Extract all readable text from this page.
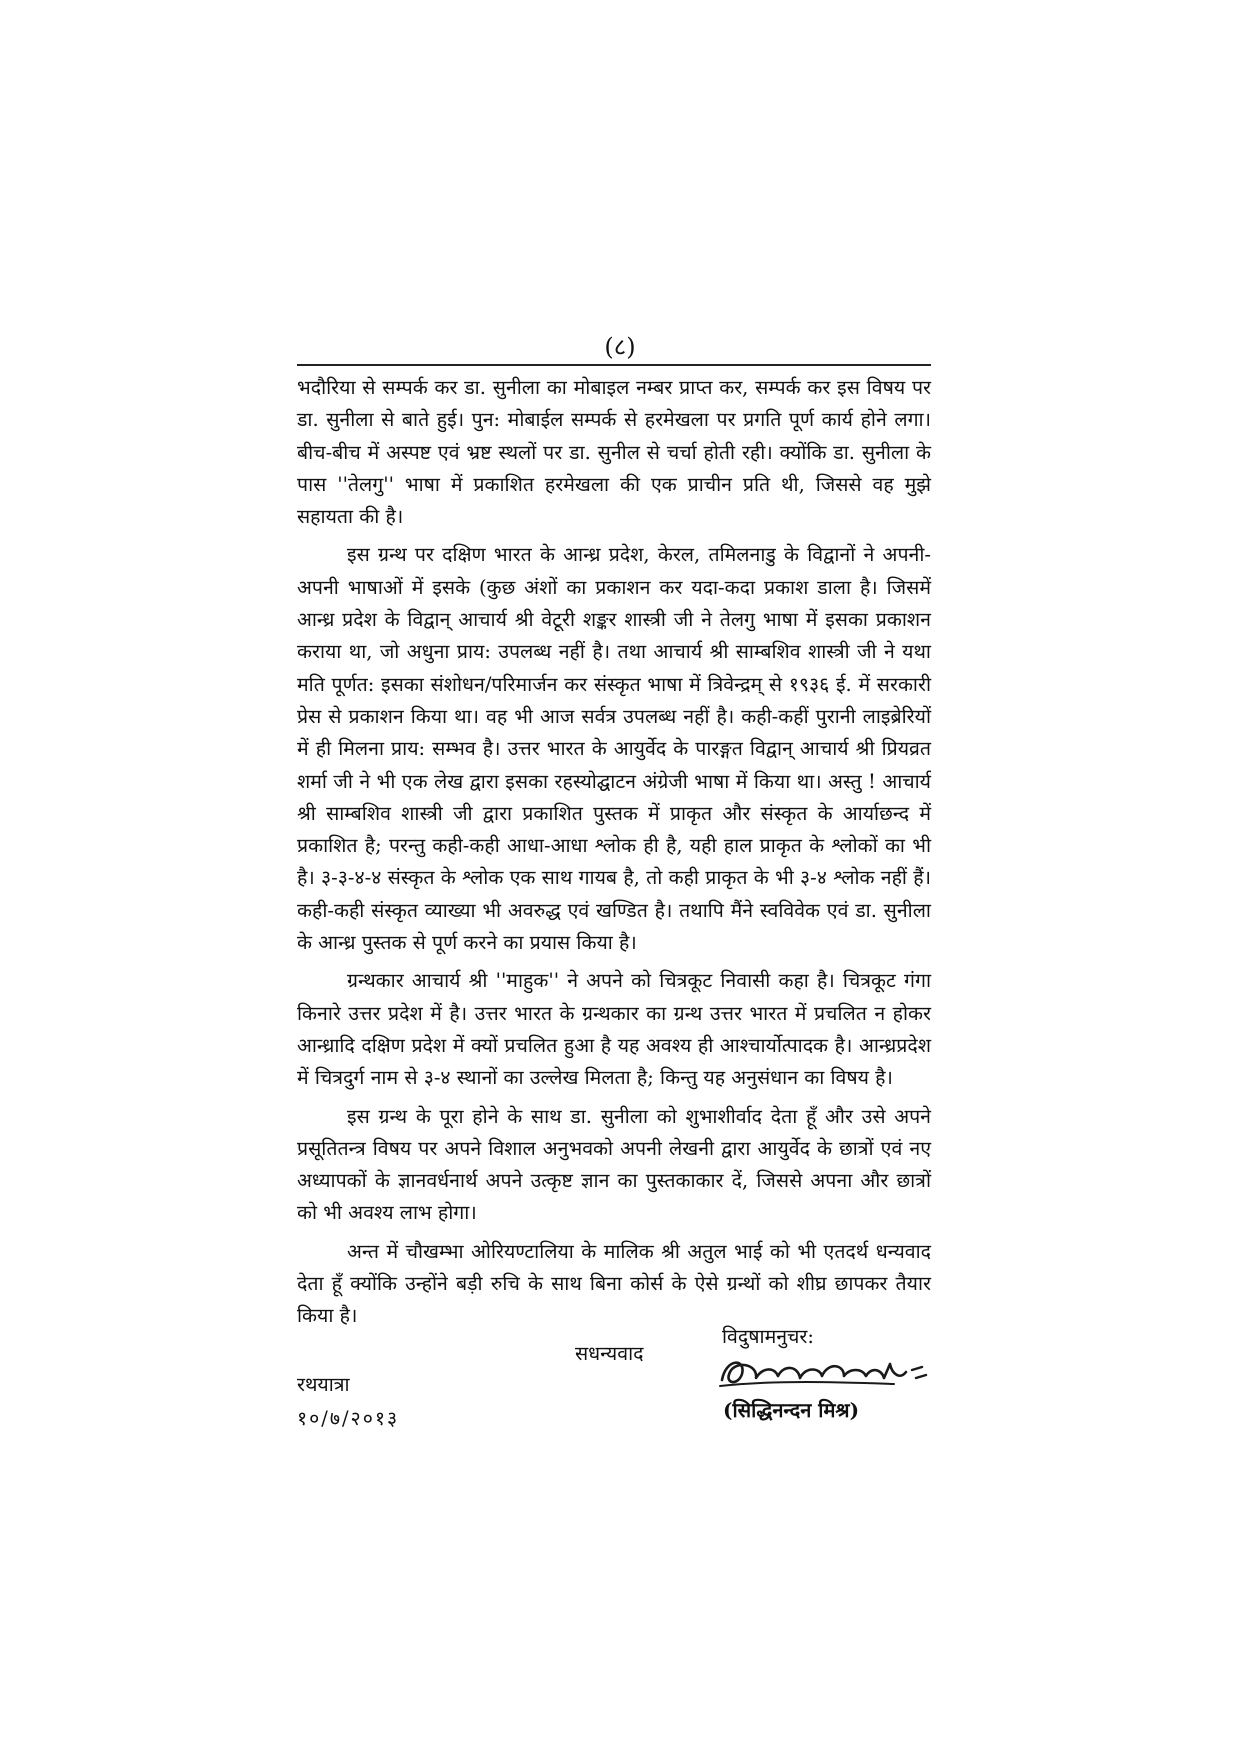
(८)

भदौरिया से सम्पर्क कर डा. सुनीला का मोबाइल नम्बर प्राप्त कर, सम्पर्क कर इस विषय पर डा. सुनीला से बाते हुई। पुन: मोबाईल सम्पर्क से हरमेखला पर प्रगति पूर्ण कार्य होने लगा। बीच-बीच में अस्पष्ट एवं भ्रष्ट स्थलों पर डा. सुनील से चर्चा होती रही। क्योंकि डा. सुनीला के पास ''तेलगु'' भाषा में प्रकाशित हरमेखला की एक प्राचीन प्रति थी, जिससे वह मुझे सहायता की है।

इस ग्रन्थ पर दक्षिण भारत के आन्ध्र प्रदेश, केरल, तमिलनाडु के विद्वानों ने अपनी-अपनी भाषाओं में इसके (कुछ अंशों का प्रकाशन कर यदा-कदा प्रकाश डाला है। जिसमें आन्ध्र प्रदेश के विद्वान् आचार्य श्री वेटूरी शङ्कर शास्त्री जी ने तेलगु भाषा में इसका प्रकाशन कराया था, जो अधुना प्राय: उपलब्ध नहीं है। तथा आचार्य श्री साम्बशिव शास्त्री जी ने यथा मति पूर्णत: इसका संशोधन/परिमार्जन कर संस्कृत भाषा में त्रिवेन्द्रम् से १९३६ ई. में सरकारी प्रेस से प्रकाशन किया था। वह भी आज सर्वत्र उपलब्ध नहीं है। कही-कहीं पुरानी लाइब्रेरियों में ही मिलना प्राय: सम्भव है। उत्तर भारत के आयुर्वेद के पारङ्गत विद्वान् आचार्य श्री प्रियव्रत शर्मा जी ने भी एक लेख द्वारा इसका रहस्योद्घाटन अंग्रेजी भाषा में किया था। अस्तु ! आचार्य श्री साम्बशिव शास्त्री जी द्वारा प्रकाशित पुस्तक में प्राकृत और संस्कृत के आर्याछन्द में प्रकाशित है; परन्तु कही-कही आधा-आधा श्लोक ही है, यही हाल प्राकृत के श्लोकों का भी है। ३-३-४-४ संस्कृत के श्लोक एक साथ गायब है, तो कही प्राकृत के भी ३-४ श्लोक नहीं हैं। कही-कही संस्कृत व्याख्या भी अवरुद्ध एवं खण्डित है। तथापि मैंने स्वविवेक एवं डा. सुनीला के आन्ध्र पुस्तक से पूर्ण करने का प्रयास किया है।

ग्रन्थकार आचार्य श्री ''माहुक'' ने अपने को चित्रकूट निवासी कहा है। चित्रकूट गंगा किनारे उत्तर प्रदेश में है। उत्तर भारत के ग्रन्थकार का ग्रन्थ उत्तर भारत में प्रचलित न होकर आन्ध्रादि दक्षिण प्रदेश में क्यों प्रचलित हुआ है यह अवश्य ही आश्चार्योत्पादक है। आन्ध्रप्रदेश में चित्रदुर्ग नाम से ३-४ स्थानों का उल्लेख मिलता है; किन्तु यह अनुसंधान का विषय है।

इस ग्रन्थ के पूरा होने के साथ डा. सुनीला को शुभाशीर्वाद देता हूँ और उसे अपने प्रसूतितन्त्र विषय पर अपने विशाल अनुभवको अपनी लेखनी द्वारा आयुर्वेद के छात्रों एवं नए अध्यापकों के ज्ञानवर्धनार्थ अपने उत्कृष्ट ज्ञान का पुस्तकाकार दें, जिससे अपना और छात्रों को भी अवश्य लाभ होगा।

अन्त में चौखम्भा ओरियण्टालिया के मालिक श्री अतुल भाई को भी एतदर्थ धन्यवाद देता हूँ क्योंकि उन्होंने बड़ी रुचि के साथ बिना कोर्स के ऐसे ग्रन्थों को शीघ्र छापकर तैयार किया है।

विदुषामनुचर:
सधन्यवाद
(सिद्धिनन्दन मिश्र)
रथयात्रा
१०/७/२०१३
